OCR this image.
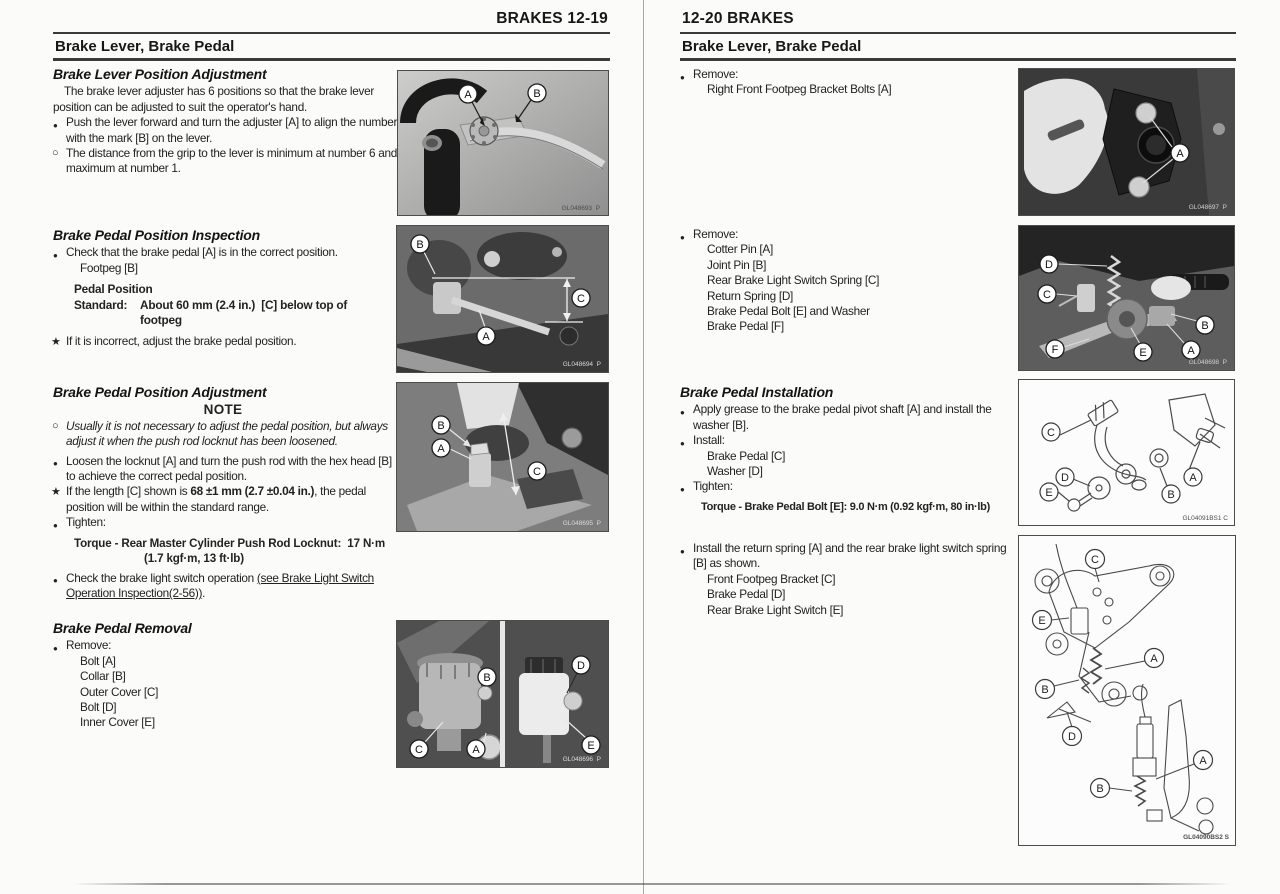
BRAKES 12-19
Brake Lever, Brake Pedal
Brake Lever Position Adjustment
The brake lever adjuster has 6 positions so that the brake lever position can be adjusted to suit the operator's hand.
● Push the lever forward and turn the adjuster [A] to align the number with the mark [B] on the lever.
○ The distance from the grip to the lever is minimum at number 6 and maximum at number 1.
A	B
GL048693  P
Brake Pedal Position Inspection
● Check that the brake pedal [A] is in the correct position.
Footpeg [B]
Pedal Position
Standard:	About 60 mm (2.4 in.)  [C] below top of footpeg
★ If it is incorrect, adjust the brake pedal position.
B
C
A
GL048694  P
Brake Pedal Position Adjustment
NOTE
○ Usually it is not necessary to adjust the pedal position, but always adjust it when the push rod locknut has been loosened.
● Loosen the locknut [A] and turn the push rod with the hex head [B] to achieve the correct pedal position.
★ If the length [C] shown is 68 ±1 mm (2.7 ±0.04 in.), the pedal position will be within the standard range.
● Tighten:
Torque - Rear Master Cylinder Push Rod Locknut:  17 N·m
(1.7 kgf·m, 13 ft·lb)
● Check the brake light switch operation (see Brake Light Switch Operation Inspection(2-56)).
B
A
C
GL048695  P
Brake Pedal Removal
● Remove:
Bolt [A]
Collar [B]
Outer Cover [C]
Bolt [D]
Inner Cover [E]
B
C	A
D
E
GL048696  P
12-20 BRAKES
Brake Lever, Brake Pedal
● Remove:
Right Front Footpeg Bracket Bolts [A]
A
GL048697  P
● Remove:
Cotter Pin [A]
Joint Pin [B]
Rear Brake Light Switch Spring [C]
Return Spring [D]
Brake Pedal Bolt [E] and Washer
Brake Pedal [F]
D
C
F	E
B
A
GL048698  P
Brake Pedal Installation
● Apply grease to the brake pedal pivot shaft [A] and install the washer [B].
● Install:
Brake Pedal [C]
Washer [D]
● Tighten:
Torque - Brake Pedal Bolt [E]: 9.0 N·m (0.92 kgf·m, 80 in·lb)
C
D
E	B
A
GL04091BS1 C
● Install the return spring [A] and the rear brake light switch spring [B] as shown.
Front Footpeg Bracket [C]
Brake Pedal [D]
Rear Brake Light Switch [E]
C
E
A
B
D
A
B
GL04090BS2 S
